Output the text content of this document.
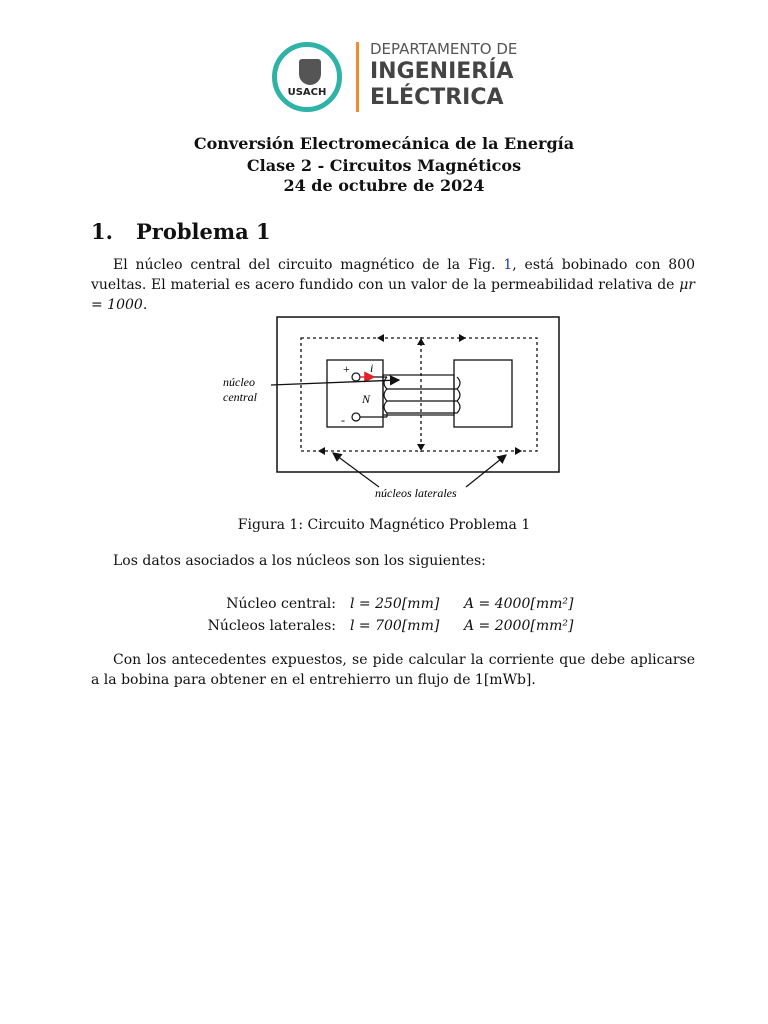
USACH
DEPARTAMENTO DE
INGENIERÍA
ELÉCTRICA
Conversión Electromecánica de la Energía
Clase 2 - Circuitos Magnéticos
24 de octubre de 2024
1. Problema 1
El núcleo central del circuito magnético de la Fig. 1, está bobinado con 800 vueltas. El material es acero fundido con un valor de la permeabilidad relativa de μr = 1000.
núcleo
central
+
-
i
N
núcleos laterales
Figura 1: Circuito Magnético Problema 1
Los datos asociados a los núcleos son los siguientes:
Núcleo central: l = 250[mm] A = 4000[mm²]
Núcleos laterales: l = 700[mm] A = 2000[mm²]
Con los antecedentes expuestos, se pide calcular la corriente que debe aplicarse a la bobina para obtener en el entrehierro un flujo de 1[mWb].
